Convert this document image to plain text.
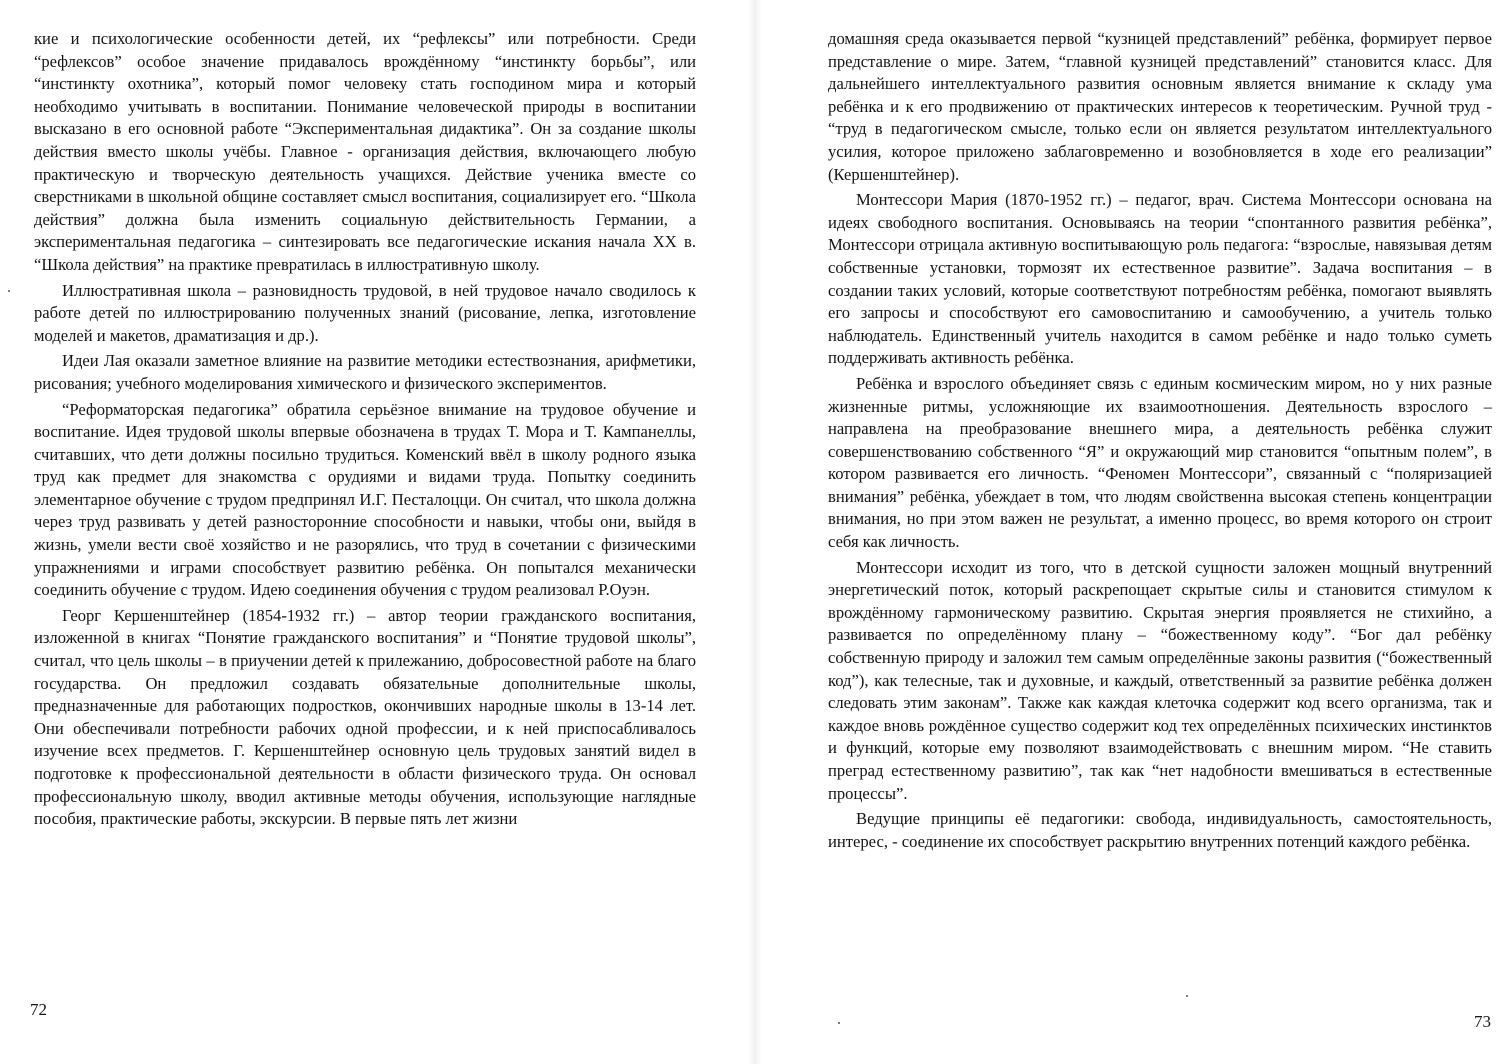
кие и психологические особенности детей, их “рефлексы” или потребности. Среди “рефлексов” особое значение придавалось врождённому “инстинкту борьбы”, или “инстинкту охотника”, который помог человеку стать господином мира и который необходимо учитывать в воспитании. Понимание человеческой природы в воспитании высказано в его основной работе “Экспериментальная дидактика”. Он за создание школы действия вместо школы учёбы. Главное - организация действия, включающего любую практическую и творческую деятельность учащихся. Действие ученика вместе со сверстниками в школьной общине составляет смысл воспитания, социализирует его. “Школа действия” должна была изменить социальную действительность Германии, а экспериментальная педагогика – синтезировать все педагогические искания начала XX в. “Школа действия” на практике превратилась в иллюстративную школу.

Иллюстративная школа – разновидность трудовой, в ней трудовое начало сводилось к работе детей по иллюстрированию полученных знаний (рисование, лепка, изготовление моделей и макетов, драматизация и др.).

Идеи Лая оказали заметное влияние на развитие методики естествознания, арифметики, рисования; учебного моделирования химического и физического экспериментов.

“Реформаторская педагогика” обратила серьёзное внимание на трудовое обучение и воспитание. Идея трудовой школы впервые обозначена в трудах Т. Мора и Т. Кампанеллы, считавших, что дети должны посильно трудиться. Коменский ввёл в школу родного языка труд как предмет для знакомства с орудиями и видами труда. Попытку соединить элементарное обучение с трудом предпринял И.Г. Песталоцци. Он считал, что школа должна через труд развивать у детей разносторонние способности и навыки, чтобы они, выйдя в жизнь, умели вести своё хозяйство и не разорялись, что труд в сочетании с физическими упражнениями и играми способствует развитию ребёнка. Он попытался механически соединить обучение с трудом. Идею соединения обучения с трудом реализовал Р.Оуэн.

Георг Кершенштейнер (1854-1932 гг.) – автор теории гражданского воспитания, изложенной в книгах “Понятие гражданского воспитания” и “Понятие трудовой школы”, считал, что цель школы – в приучении детей к прилежанию, добросовестной работе на благо государства. Он предложил создавать обязательные дополнительные школы, предназначенные для работающих подростков, окончивших народные школы в 13-14 лет. Они обеспечивали потребности рабочих одной профессии, и к ней приспосабливалось изучение всех предметов. Г. Кершенштейнер основную цель трудовых занятий видел в подготовке к профессиональной деятельности в области физического труда. Он основал профессиональную школу, вводил активные методы обучения, использующие наглядные пособия, практические работы, экскурсии. В первые пять лет жизни

72

домашняя среда оказывается первой “кузницей представлений” ребёнка, формирует первое представление о мире. Затем, “главной кузницей представлений” становится класс. Для дальнейшего интеллектуального развития основным является внимание к складу ума ребёнка и к его продвижению от практических интересов к теоретическим. Ручной труд - “труд в педагогическом смысле, только если он является результатом интеллектуального усилия, которое приложено заблаговременно и возобновляется в ходе его реализации” (Кершенштейнер).

Монтессори Мария (1870-1952 гг.) – педагог, врач. Система Монтессори основана на идеях свободного воспитания. Основываясь на теории “спонтанного развития ребёнка”, Монтессори отрицала активную воспитывающую роль педагога: “взрослые, навязывая детям собственные установки, тормозят их естественное развитие”. Задача воспитания – в создании таких условий, которые соответствуют потребностям ребёнка, помогают выявлять его запросы и способствуют его самовоспитанию и самообучению, а учитель только наблюдатель. Единственный учитель находится в самом ребёнке и надо только суметь поддерживать активность ребёнка.

Ребёнка и взрослого объединяет связь с единым космическим миром, но у них разные жизненные ритмы, усложняющие их взаимоотношения. Деятельность взрослого – направлена на преобразование внешнего мира, а деятельность ребёнка служит совершенствованию собственного “Я” и окружающий мир становится “опытным полем”, в котором развивается его личность. “Феномен Монтессори”, связанный с “поляризацией внимания” ребёнка, убеждает в том, что людям свойственна высокая степень концентрации внимания, но при этом важен не результат, а именно процесс, во время которого он строит себя как личность.

Монтессори исходит из того, что в детской сущности заложен мощный внутренний энергетический поток, который раскрепощает скрытые силы и становится стимулом к врождённому гармоническому развитию. Скрытая энергия проявляется не стихийно, а развивается по определённому плану – “божественному коду”. “Бог дал ребёнку собственную природу и заложил тем самым определённые законы развития (“божественный код”), как телесные, так и духовные, и каждый, ответственный за развитие ребёнка должен следовать этим законам”. Также как каждая клеточка содержит код всего организма, так и каждое вновь рождённое существо содержит код тех определённых психических инстинктов и функций, которые ему позволяют взаимодействовать с внешним миром. “Не ставить преград естественному развитию”, так как “нет надобности вмешиваться в естественные процессы”.

Ведущие принципы её педагогики: свобода, индивидуальность, самостоятельность, интерес, - соединение их способствует раскрытию внутренних потенций каждого ребёнка.

73
